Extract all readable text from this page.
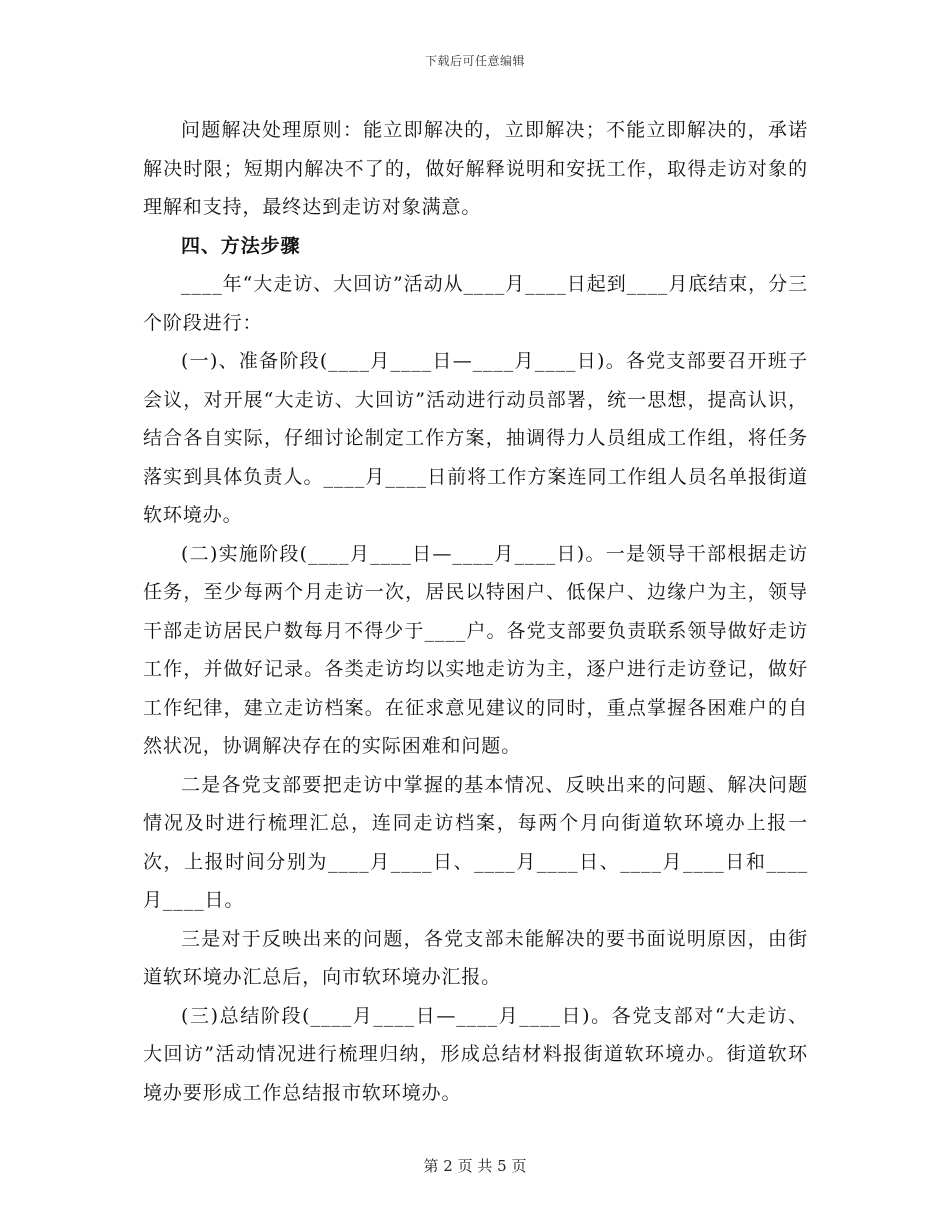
下载后可任意编辑

问题解决处理原则：能立即解决的，立即解决；不能立即解决的，承诺解决时限；短期内解决不了的，做好解释说明和安抚工作，取得走访对象的理解和支持，最终达到走访对象满意。

四、方法步骤

____年“大走访、大回访”活动从____月____日起到____月底结束，分三个阶段进行：

(一)、准备阶段(____月____日—____月____日)。各党支部要召开班子会议，对开展“大走访、大回访”活动进行动员部署，统一思想，提高认识，结合各自实际，仔细讨论制定工作方案，抽调得力人员组成工作组，将任务落实到具体负责人。____月____日前将工作方案连同工作组人员名单报街道软环境办。

(二)实施阶段(____月____日—____月____日)。一是领导干部根据走访任务，至少每两个月走访一次，居民以特困户、低保户、边缘户为主，领导干部走访居民户数每月不得少于____户。各党支部要负责联系领导做好走访工作，并做好记录。各类走访均以实地走访为主，逐户进行走访登记，做好工作纪律，建立走访档案。在征求意见建议的同时，重点掌握各困难户的自然状况，协调解决存在的实际困难和问题。

二是各党支部要把走访中掌握的基本情况、反映出来的问题、解决问题情况及时进行梳理汇总，连同走访档案，每两个月向街道软环境办上报一次，上报时间分别为____月____日、____月____日、____月____日和____月____日。

三是对于反映出来的问题，各党支部未能解决的要书面说明原因，由街道软环境办汇总后，向市软环境办汇报。

(三)总结阶段(____月____日—____月____日)。各党支部对“大走访、大回访”活动情况进行梳理归纳，形成总结材料报街道软环境办。街道软环境办要形成工作总结报市软环境办。

第 2 页 共 5 页
